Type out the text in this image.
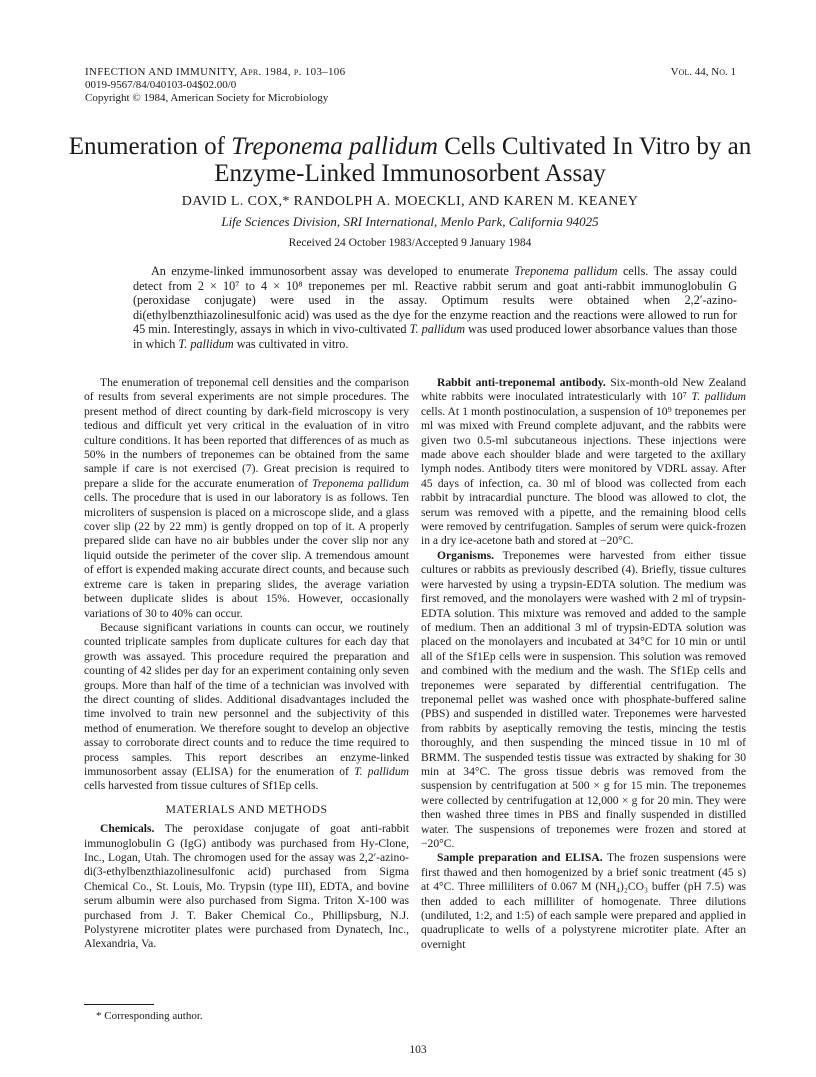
INFECTION AND IMMUNITY, Apr. 1984, p. 103–106
0019-9567/84/040103-04$02.00/0
Copyright © 1984, American Society for Microbiology
Vol. 44, No. 1
Enumeration of Treponema pallidum Cells Cultivated In Vitro by an Enzyme-Linked Immunosorbent Assay
DAVID L. COX,* RANDOLPH A. MOECKLI, AND KAREN M. KEANEY
Life Sciences Division, SRI International, Menlo Park, California 94025
Received 24 October 1983/Accepted 9 January 1984

An enzyme-linked immunosorbent assay was developed to enumerate Treponema pallidum cells. The assay could detect from 2 × 10⁷ to 4 × 10⁸ treponemes per ml. Reactive rabbit serum and goat anti-rabbit immunoglobulin G (peroxidase conjugate) were used in the assay. Optimum results were obtained when 2,2′-azino-di(ethylbenzthiazolinesulfonic acid) was used as the dye for the enzyme reaction and the reactions were allowed to run for 45 min. Interestingly, assays in which in vivo-cultivated T. pallidum was used produced lower absorbance values than those in which T. pallidum was cultivated in vitro.

The enumeration of treponemal cell densities and the comparison of results from several experiments are not simple procedures. The present method of direct counting by dark-field microscopy is very tedious and difficult yet very critical in the evaluation of in vitro culture conditions. It has been reported that differences of as much as 50% in the numbers of treponemes can be obtained from the same sample if care is not exercised (7). Great precision is required to prepare a slide for the accurate enumeration of Treponema pallidum cells. The procedure that is used in our laboratory is as follows. Ten microliters of suspension is placed on a microscope slide, and a glass cover slip (22 by 22 mm) is gently dropped on top of it. A properly prepared slide can have no air bubbles under the cover slip nor any liquid outside the perimeter of the cover slip. A tremendous amount of effort is expended making accurate direct counts, and because such extreme care is taken in preparing slides, the average variation between duplicate slides is about 15%. However, occasionally variations of 30 to 40% can occur.

Because significant variations in counts can occur, we routinely counted triplicate samples from duplicate cultures for each day that growth was assayed. This procedure required the preparation and counting of 42 slides per day for an experiment containing only seven groups. More than half of the time of a technician was involved with the direct counting of slides. Additional disadvantages included the time involved to train new personnel and the subjectivity of this method of enumeration. We therefore sought to develop an objective assay to corroborate direct counts and to reduce the time required to process samples. This report describes an enzyme-linked immunosorbent assay (ELISA) for the enumeration of T. pallidum cells harvested from tissue cultures of Sf1Ep cells.

MATERIALS AND METHODS

Chemicals. The peroxidase conjugate of goat anti-rabbit immunoglobulin G (IgG) antibody was purchased from Hy-Clone, Inc., Logan, Utah. The chromogen used for the assay was 2,2′-azino-di(3-ethylbenzthiazolinesulfonic acid) purchased from Sigma Chemical Co., St. Louis, Mo. Trypsin (type III), EDTA, and bovine serum albumin were also purchased from Sigma. Triton X-100 was purchased from J. T. Baker Chemical Co., Phillipsburg, N.J. Polystyrene microtiter plates were purchased from Dynatech, Inc., Alexandria, Va.

Rabbit anti-treponemal antibody. Six-month-old New Zealand white rabbits were inoculated intratesticularly with 10⁷ T. pallidum cells. At 1 month postinoculation, a suspension of 10⁹ treponemes per ml was mixed with Freund complete adjuvant, and the rabbits were given two 0.5-ml subcutaneous injections. These injections were made above each shoulder blade and were targeted to the axillary lymph nodes. Antibody titers were monitored by VDRL assay. After 45 days of infection, ca. 30 ml of blood was collected from each rabbit by intracardial puncture. The blood was allowed to clot, the serum was removed with a pipette, and the remaining blood cells were removed by centrifugation. Samples of serum were quick-frozen in a dry ice-acetone bath and stored at −20°C.

Organisms. Treponemes were harvested from either tissue cultures or rabbits as previously described (4). Briefly, tissue cultures were harvested by using a trypsin-EDTA solution. The medium was first removed, and the monolayers were washed with 2 ml of trypsin-EDTA solution. This mixture was removed and added to the sample of medium. Then an additional 3 ml of trypsin-EDTA solution was placed on the monolayers and incubated at 34°C for 10 min or until all of the Sf1Ep cells were in suspension. This solution was removed and combined with the medium and the wash. The Sf1Ep cells and treponemes were separated by differential centrifugation. The treponemal pellet was washed once with phosphate-buffered saline (PBS) and suspended in distilled water. Treponemes were harvested from rabbits by aseptically removing the testis, mincing the testis thoroughly, and then suspending the minced tissue in 10 ml of BRMM. The suspended testis tissue was extracted by shaking for 30 min at 34°C. The gross tissue debris was removed from the suspension by centrifugation at 500 × g for 15 min. The treponemes were collected by centrifugation at 12,000 × g for 20 min. They were then washed three times in PBS and finally suspended in distilled water. The suspensions of treponemes were frozen and stored at −20°C.

Sample preparation and ELISA. The frozen suspensions were first thawed and then homogenized by a brief sonic treatment (45 s) at 4°C. Three milliliters of 0.067 M (NH₄)₂CO₃ buffer (pH 7.5) was then added to each milliliter of homogenate. Three dilutions (undiluted, 1:2, and 1:5) of each sample were prepared and applied in quadruplicate to wells of a polystyrene microtiter plate. After an overnight

* Corresponding author.
103
